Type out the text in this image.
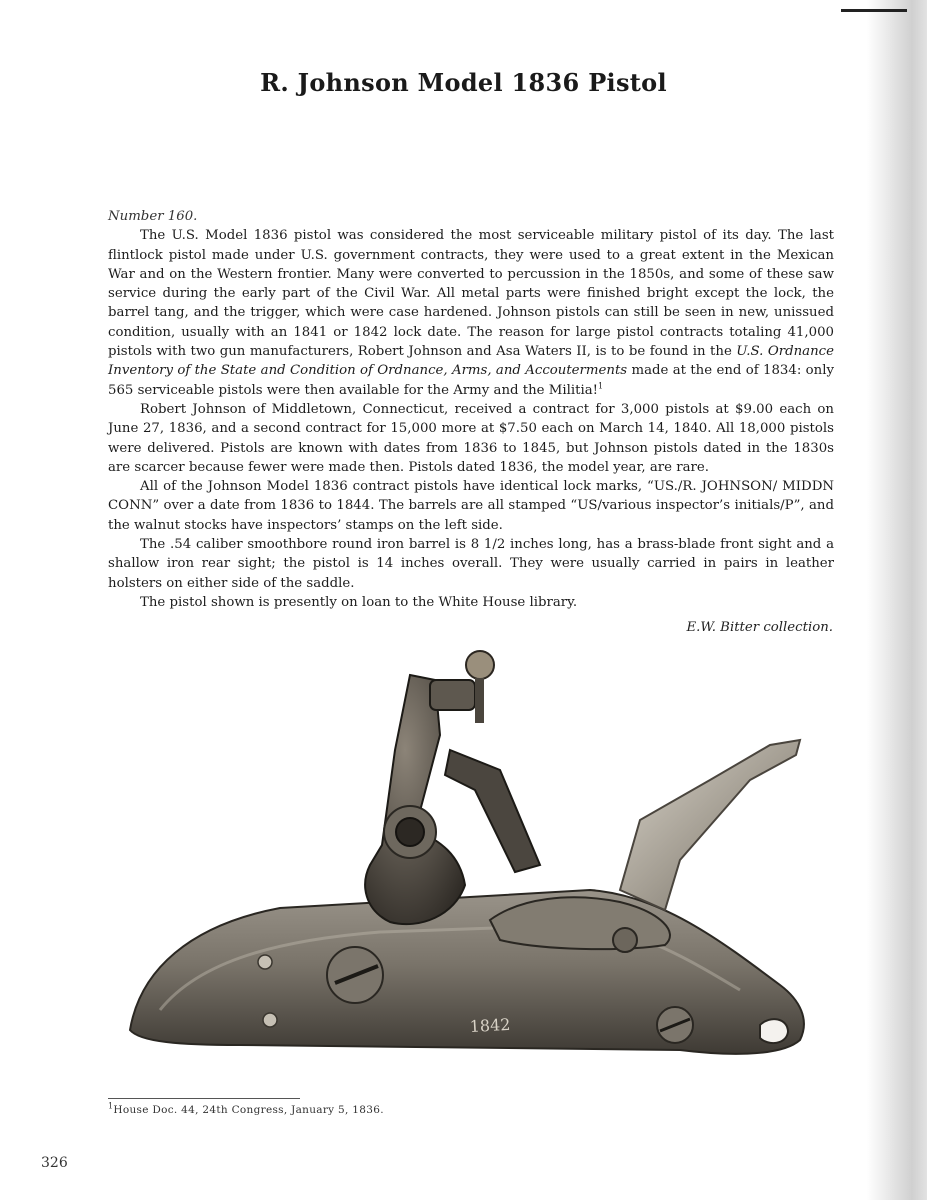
R. Johnson Model 1836 Pistol

Number 160.

The U.S. Model 1836 pistol was considered the most serviceable military pistol of its day. The last flintlock pistol made under U.S. government contracts, they were used to a great extent in the Mexican War and on the Western frontier. Many were converted to percussion in the 1850s, and some of these saw service during the early part of the Civil War. All metal parts were finished bright except the lock, the barrel tang, and the trigger, which were case hardened. Johnson pistols can still be seen in new, unissued condition, usually with an 1841 or 1842 lock date. The reason for large pistol contracts totaling 41,000 pistols with two gun manufacturers, Robert Johnson and Asa Waters II, is to be found in the U.S. Ordnance Inventory of the State and Condition of Ordnance, Arms, and Accouterments made at the end of 1834: only 565 serviceable pistols were then available for the Army and the Militia!$^1$

Robert Johnson of Middletown, Connecticut, received a contract for 3,000 pistols at $9.00 each on June 27, 1836, and a second contract for 15,000 more at $7.50 each on March 14, 1840. All 18,000 pistols were delivered. Pistols are known with dates from 1836 to 1845, but Johnson pistols dated in the 1830s are scarcer because fewer were made then. Pistols dated 1836, the model year, are rare.

All of the Johnson Model 1836 contract pistols have identical lock marks, “US./R. JOHNSON/ MIDDN CONN” over a date from 1836 to 1844. The barrels are all stamped “US/various inspector’s initials/P”, and the walnut stocks have inspectors’ stamps on the left side.

The .54 caliber smoothbore round iron barrel is 8 1/2 inches long, has a brass-blade front sight and a shallow iron rear sight; the pistol is 14 inches overall. They were usually carried in pairs in leather holsters on either side of the saddle.

The pistol shown is presently on loan to the White House library.

E.W. Bitter collection.
1842
$^1$House Doc. 44, 24th Congress, January 5, 1836.
326
